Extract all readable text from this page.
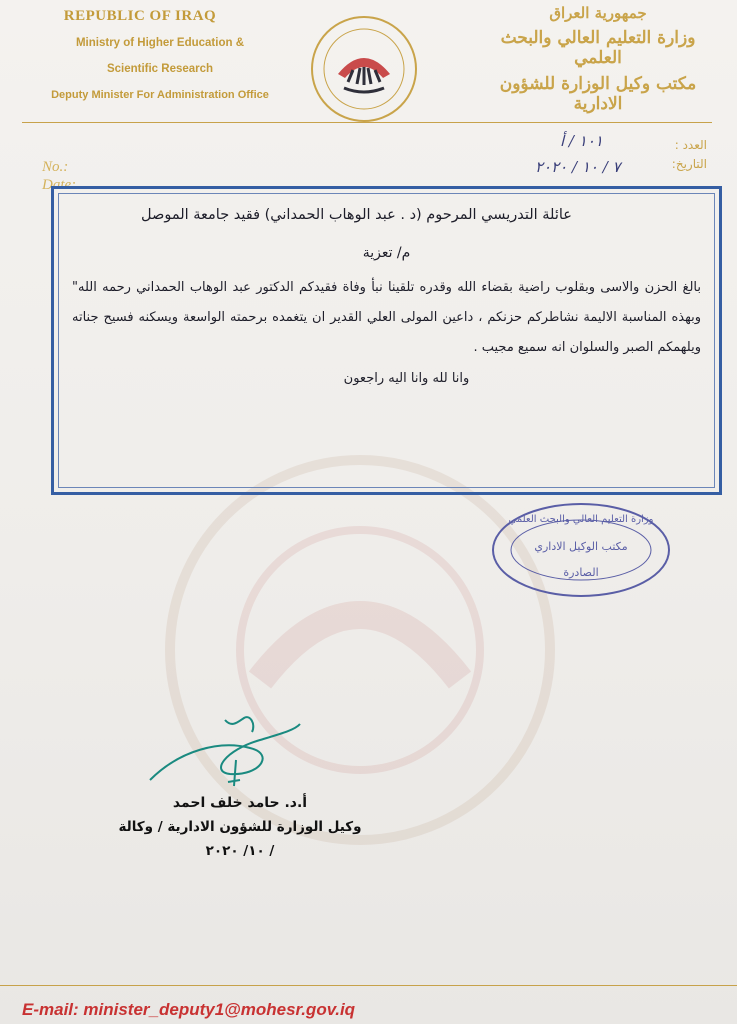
REPUBLIC OF IRAQ
Ministry of Higher Education &
Scientific Research
Deputy Minister For Administration Office
جمهورية العراق
وزارة التعليم العالي والبحث العلمي
مكتب وكيل الوزارة للشؤون الادارية
No.:
Date:
العدد :
التاريخ:
١٠١ / أ
٧ / ١٠ / ٢٠٢٠
عائلة التدريسي المرحوم (د . عبد الوهاب الحمداني) فقيد جامعة الموصل
م/ تعزية
بالغ الحزن والاسى وبقلوب راضية بقضاء الله وقدره تلقينا نبأ وفاة فقيدكم الدكتور عبد الوهاب الحمداني رحمه الله" وبهذه المناسبة الاليمة نشاطركم حزنكم ، داعين المولى العلي القدير ان يتغمده برحمته الواسعة ويسكنه فسيح جناته ويلهمكم الصبر والسلوان انه سميع مجيب .
وانا لله وانا اليه راجعون
وزارة التعليم العالي والبحث العلمي
مكتب الوكيل الاداري
الصادرة
أ.د. حامد خلف احمد
وكيل الوزارة للشؤون الادارية / وكالة
/ ١٠/ ٢٠٢٠
E-mail: minister_deputy1@mohesr.gov.iq
